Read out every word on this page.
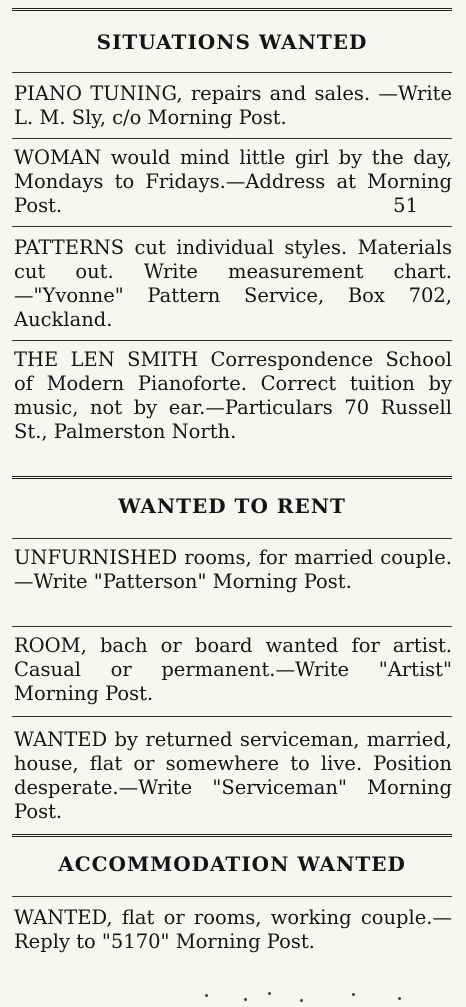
SITUATIONS WANTED
PIANO TUNING, repairs and sales. —Write L. M. Sly, c/o Morning Post.
WOMAN would mind little girl by the day, Mondays to Fridays.—Address at Morning Post.	51
PATTERNS cut individual styles. Materials cut out. Write measurement chart.—"Yvonne" Pattern Service, Box 702, Auckland.
THE LEN SMITH Correspondence School of Modern Pianoforte. Correct tuition by music, not by ear.—Particulars 70 Russell St., Palmerston North.
WANTED TO RENT
UNFURNISHED rooms, for married couple.—Write "Patterson" Morning Post.
ROOM, bach or board wanted for artist. Casual or permanent.—Write "Artist" Morning Post.
WANTED by returned serviceman, married, house, flat or somewhere to live. Position desperate.—Write "Serviceman" Morning Post.
ACCOMMODATION WANTED
WANTED, flat or rooms, working couple.—Reply to "5170" Morning Post.
